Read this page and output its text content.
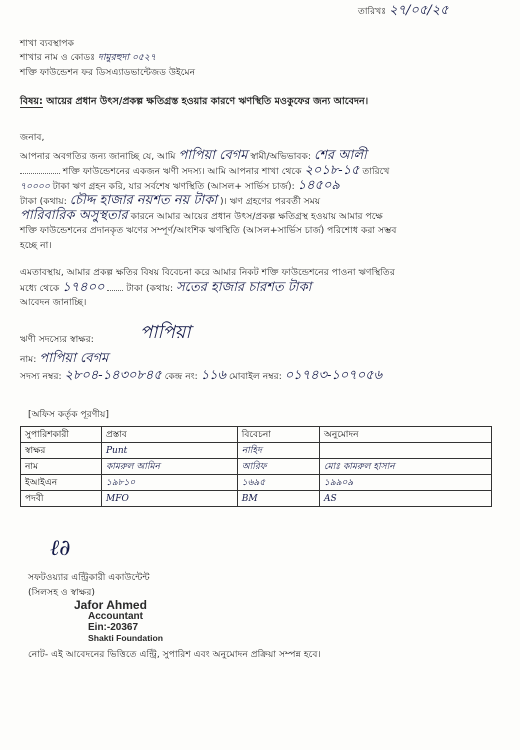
তারিখঃ ২৭/০৫/২৫
শাখা ব্যবস্থাপক
শাখার নাম ও কোডঃ দামুরহুদা ০৫২৭
শক্তি ফাউন্ডেশন ফর ডিসএ্যাডভান্টেজড উইমেন
বিষয়: আয়ের প্রধান উৎস/প্রকল্প ক্ষতিগ্রস্ত হওয়ার কারণে ঋণস্থিতি মওকুফের জন্য আবেদন।
জনাব,
আপনার অবগতির জন্য জানাচ্ছি যে, আমি পাপিয়া বেগম স্বামী/অভিভাবক: শের আলী
শক্তি ফাউন্ডেশনের একজন ঋণী সদস্য। আমি আপনার শাখা থেকে ২০১৮-১৫ তারিখে
৭০০০০ টাকা ঋণ গ্রহন করি, যার সর্বশেষ ঋণস্থিতি (আসল+ সার্ভিস চার্জ): ১৪৫০৯
টাকা (কথায়: চৌদ্দ হাজার নয়শত নয় টাকা )। ঋণ গ্রহণের পরবর্তী সময়
পারিবারিক অসুস্থতার কারনে আমার আয়ের প্রধান উৎস/প্রকল্প ক্ষতিগ্রস্থ হওয়ায় আমার পক্ষে
শক্তি ফাউন্ডেশনের প্রদানকৃত ঋণের সম্পূর্ণ/আংশিক ঋণস্থিতি (আসল+সার্ভিস চার্জ) পরিশোধ করা সম্ভব
হচ্ছে না।
এমতাবস্থায়, আমার প্রকল্প ক্ষতির বিষয় বিবেচনা করে আমার নিকট শক্তি ফাউন্ডেশনের পাওনা ঋণস্থিতির
মধ্যে থেকে ১৭৪০০ টাকা (কথায়: সতের হাজার চারশত টাকা
আবেদন জানাচ্ছি।
ঋণী সদস্যের স্বাক্ষর:	পাপিয়া
নাম: পাপিয়া বেগম
সদস্য নম্বর: ২৮০৪-১৪৩০৮৪৫ কেন্দ্র নং: ১১৬ মোবাইল নম্বর: ০১৭৪৩-১০৭০৫৬
[অফিস কর্তৃক পূরণীয়]
সুপারিশকারী	প্রস্তাব	বিবেচনা	অনুমোদন
স্বাক্ষর	Punt	নাহিদ	
নাম	কামরুল আমিন	আরিফ	মোঃ কামরুল হাসান
ইআইএন	১৯৮১০	১৬৯৫	১৯৯০৯
পদবী	MFO	BM	AS
ℓ∂
সফটওয়্যার এন্ট্রিকারী একাউন্টেন্ট
(সিলসহ ও স্বাক্ষর)
Jafor Ahmed
Accountant
Ein:-20367
Shakti Foundation
নোট- এই আবেদনের ভিত্তিতে এন্ট্রি, সুপারিশ এবং অনুমোদন প্রক্রিয়া সম্পন্ন হবে।
